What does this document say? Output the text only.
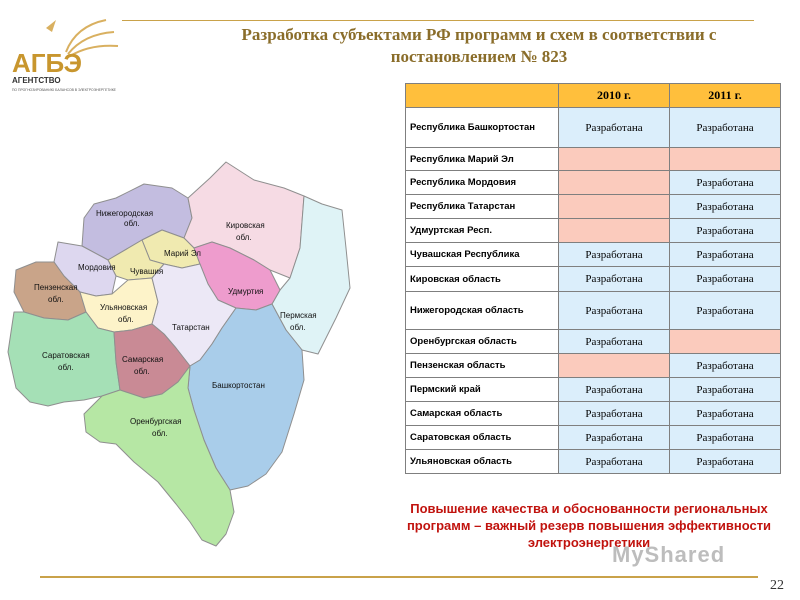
АГБЭ
АГЕНТСТВО
ПО ПРОГНОЗИРОВАНИЮ БАЛАНСОВ В ЭЛЕКТРОЭНЕРГЕТИКЕ
Разработка субъектами РФ программ и схем в соответствии с постановлением № 823
Нижегородская обл.	Кировская обл.
Пермская обл.
Марий Эл
Чувашия
Мордовия
Удмуртия
Пензенская обл.
Ульяновская обл.
Татарстан
Саратовская обл.
Самарская обл.
Башкортостан
Оренбургская обл.
	2010 г.	2011 г.
Республика Башкортостан	Разработана	Разработана
Республика Марий Эл		
Республика Мордовия		Разработана
Республика Татарстан		Разработана
Удмуртская Респ.		Разработана
Чувашская Республика	Разработана	Разработана
Кировская область	Разработана	Разработана
Нижегородская область	Разработана	Разработана
Оренбургская область	Разработана	
Пензенская область		Разработана
Пермский край	Разработана	Разработана
Самарская область	Разработана	Разработана
Саратовская область	Разработана	Разработана
Ульяновская область	Разработана	Разработана
Повышение качества и обоснованности региональных программ – важный резерв повышения эффективности электроэнергетики
MyShared
22
